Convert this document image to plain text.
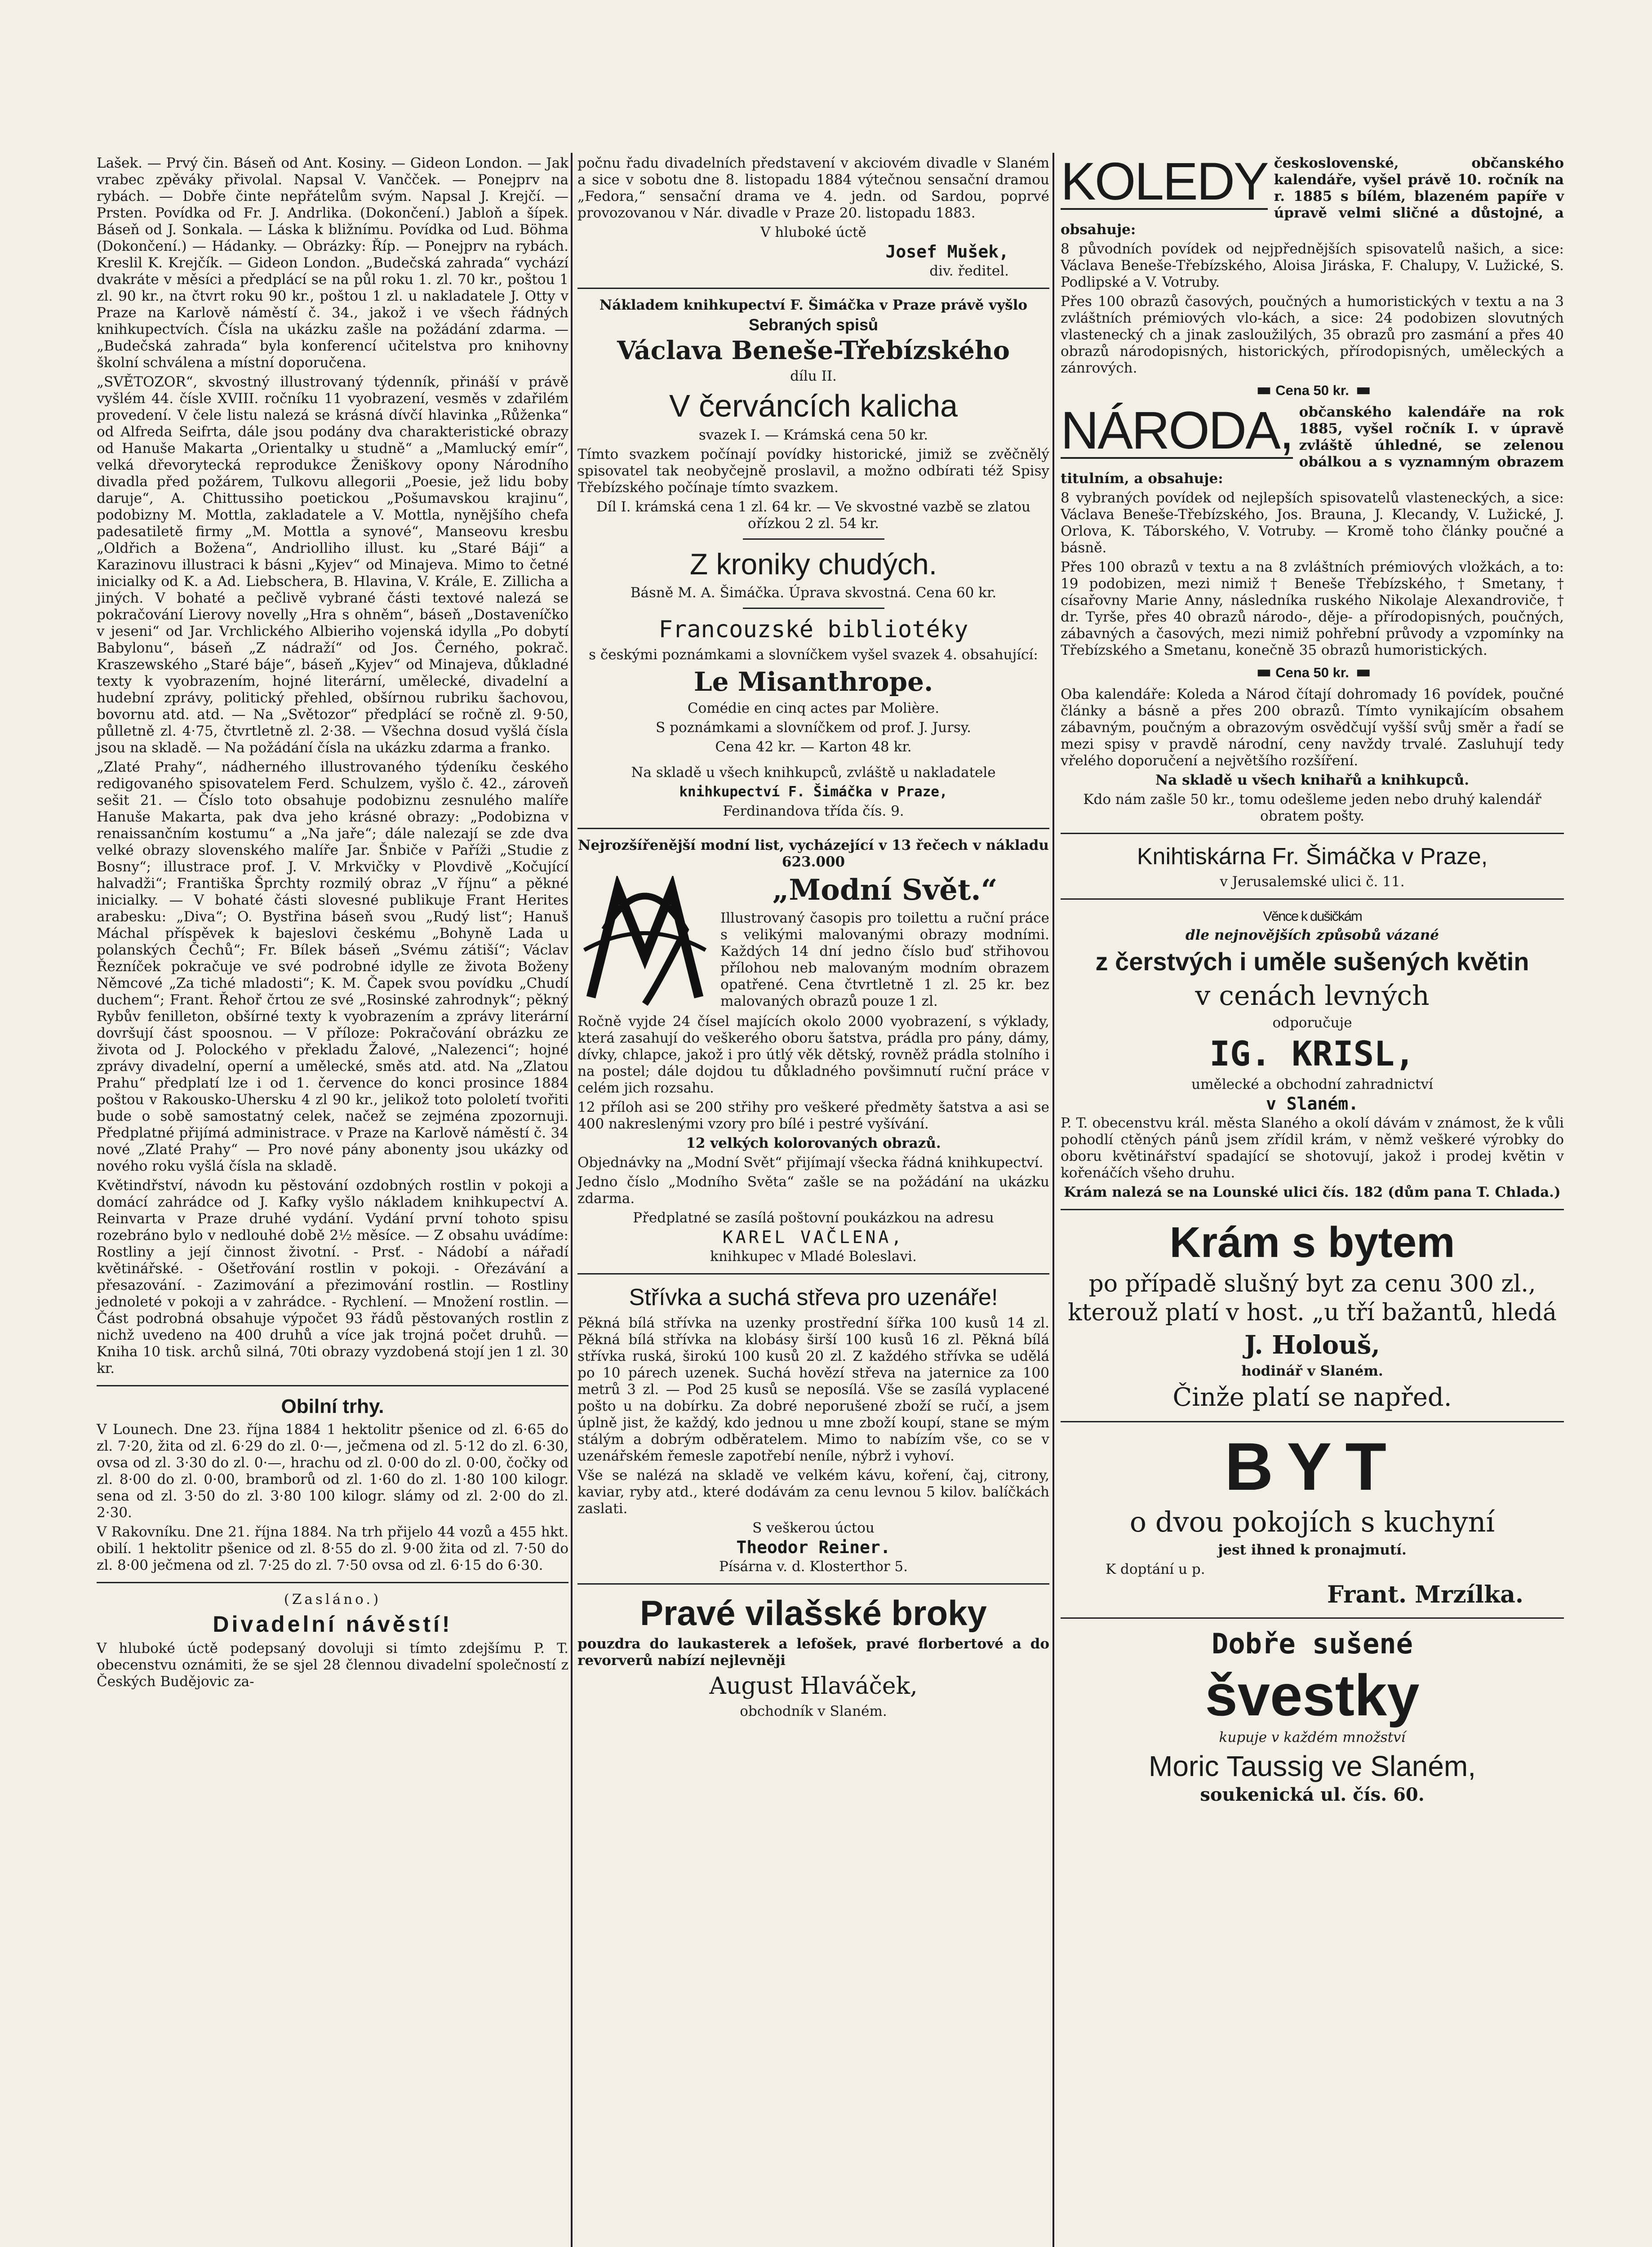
Lašek. — Prvý čin. Báseň od Ant. Kosiny. — Gideon London. — Jak vrabec zpěváky přivolal. Napsal V. Vančček. — Ponejprv na rybách. — Dobře činte nepřátelům svým. Napsal J. Krejčí. — Prsten. Povídka od Fr. J. Andrlika. (Dokončení.) Jabloň a šípek. Báseň od J. Sonkala. — Láska k bližnímu. Povídka od Lud. Böhma (Dokončení.) — Hádanky. — Obrázky: Říp. — Ponejprv na rybách. Kreslil K. Krejčík. — Gideon London. „Budečská zahrada“ vychází dvakráte v měsíci a předplácí se na půl roku 1. zl. 70 kr., poštou 1 zl. 90 kr., na čtvrt roku 90 kr., poštou 1 zl. u nakladatele J. Otty v Praze na Karlově náměstí č. 34., jakož i ve všech řádných knihkupectvích. Čísla na ukázku zašle na požádání zdarma. — „Budečská zahrada“ byla konferencí učitelstva pro knihovny školní schválena a místní doporučena.

„SVĚTOZOR“, skvostný illustrovaný týdenník, přináší v právě vyšlém 44. čísle XVIII. ročníku 11 vyobrazení, vesměs v zdařilém provedení. V čele listu nalezá se krásná dívčí hlavinka „Růženka“ od Alfreda Seifrta, dále jsou podány dva charakteristické obrazy od Hanuše Makarta „Orientalky u studně“ a „Mamlucký emír“, velká dřevorytecká reprodukce Ženiškovy opony Národního divadla před požárem, Tulkovu allegorii „Poesie, jež lidu boby daruje“, A. Chittussiho poetickou „Pošumavskou krajinu“, podobizny M. Mottla, zakladatele a V. Mottla, nynějšího chefa padesatiletě firmy „M. Mottla a synové“, Manseovu kresbu „Oldřich a Božena“, Andriolliho illust. ku „Staré Báji“ a Karazinovu illustraci k básni „Kyjev“ od Minajeva. Mimo to četné inicialky od K. a Ad. Liebschera, B. Hlavina, V. Krále, E. Zillicha a jiných. V bohaté a pečlivě vybrané části textové nalezá se pokračování Lierovy novelly „Hra s ohněm“, báseň „Dostaveníčko v jeseni“ od Jar. Vrchlického Albieriho vojenská idylla „Po dobytí Babylonu“, báseň „Z nádraží“ od Jos. Černého, pokrač. Kraszewského „Staré báje“, báseň „Kyjev“ od Minajeva, důkladné texty k vyobrazením, hojné literární, umělecké, divadelní a hudební zprávy, politický přehled, obšírnou rubriku šachovou, bovornu atd. atd. — Na „Světozor“ předplácí se ročně zl. 9·50, půlletně zl. 4·75, čtvrtletně zl. 2·38. — Všechna dosud vyšlá čísla jsou na skladě. — Na požádání čísla na ukázku zdarma a franko.

„Zlaté Prahy“, nádherného illustrovaného týdeníku českého redigovaného spisovatelem Ferd. Schulzem, vyšlo č. 42., zároveň sešit 21. — Číslo toto obsahuje podobiznu zesnulého malíře Hanuše Makarta, pak dva jeho krásné obrazy: „Podobizna v renaissančním kostumu“ a „Na jaře“; dále nalezají se zde dva velké obrazy slovenského malíře Jar. Šnbiče v Paříži „Studie z Bosny“; illustrace prof. J. V. Mrkvičky v Plovdivě „Kočující halvadži“; Františka Šprchty rozmilý obraz „V říjnu“ a pěkné inicialky. — V bohaté části slovesné publikuje Frant Herites arabesku: „Diva“; O. Bystřina báseň svou „Rudý list“; Hanuš Máchal příspěvek k bajeslovi českému „Bohyně Lada u polanských Čechů“; Fr. Bílek báseň „Svému zátiší“; Václav Řezníček pokračuje ve své podrobné idylle ze života Boženy Němcové „Za tiché mladosti“; K. M. Čapek svou povídku „Chudí duchem“; Frant. Řehoř črtou ze své „Rosinské zahrodnyk“; pěkný Rybův fenilleton, obšírné texty k vyobrazením a zprávy literární dovršují část spoosnou. — V příloze: Pokračování obrázku ze života od J. Polockého v překladu Žalové, „Nalezenci“; hojné zprávy divadelní, operní a umělecké, směs atd. atd. Na „Zlatou Prahu“ předplatí lze i od 1. července do konci prosince 1884 poštou v Rakousko-Uhersku 4 zl 90 kr., jelikož toto pololetí tvořiti bude o sobě samostatný celek, načež se zejména zpozornuji. Předplatné přijímá administrace. v Praze na Karlově náměstí č. 34 nové „Zlaté Prahy“ — Pro nové pány abonenty jsou ukázky od nového roku vyšlá čísla na skladě.

Květindřství, návodn ku pěstování ozdobných rostlin v pokoji a domácí zahrádce od J. Kafky vyšlo nákladem knihkupectví A. Reinvarta v Praze druhé vydání. Vydání první tohoto spisu rozebráno bylo v nedlouhé době 2½ měsíce. — Z obsahu uvádíme: Rostliny a její činnost životní. - Prsť. - Nádobí a nářadí květinářské. - Ošetřování rostlin v pokoji. - Ořezávání a přesazování. - Zazimování a přezimování rostlin. — Rostliny jednoleté v pokoji a v zahrádce. - Rychlení. — Množení rostlin. — Část podrobná obsahuje výpočet 93 řádů pěstovaných rostlin z nichž uvedeno na 400 druhů a více jak trojná počet druhů. — Kniha 10 tisk. archů silná, 70ti obrazy vyzdobená stojí jen 1 zl. 30 kr.

Obilní trhy.

V Lounech. Dne 23. října 1884 1 hektolitr pšenice od zl. 6·65 do zl. 7·20, žita od zl. 6·29 do zl. 0·—, ječmena od zl. 5·12 do zl. 6·30, ovsa od zl. 3·30 do zl. 0·—, hrachu od zl. 0·00 do zl. 0·00, čočky od zl. 8·00 do zl. 0·00, bramborů od zl. 1·60 do zl. 1·80 100 kilogr. sena od zl. 3·50 do zl. 3·80 100 kilogr. slámy od zl. 2·00 do zl. 2·30.

V Rakovníku. Dne 21. října 1884. Na trh přijelo 44 vozů a 455 hkt. obilí. 1 hektolitr pšenice od zl. 8·55 do zl. 9·00 žita od zl. 7·50 do zl. 8·00 ječmena od zl. 7·25 do zl. 7·50 ovsa od zl. 6·15 do 6·30.

(Zasláno.)

Divadelní návěstí!

V hluboké úctě podepsaný dovoluji si tímto zdejšímu P. T. obecenstvu oznámiti, že se sjel 28 člennou divadelní společností z Českých Budějovic za-

počnu řadu divadelních představení v akciovém divadle v Slaném a sice v sobotu dne 8. listopadu 1884 výtečnou sensační dramou „Fedora,“ sensační drama ve 4. jedn. od Sardou, poprvé provozovanou v Nár. divadle v Praze 20. listopadu 1883.

V hluboké úctě

Josef Mušek,

div. ředitel.

Nákladem knihkupectví F. Šimáčka v Praze právě vyšlo

Sebraných spisů

Václava Beneše-Třebízského

dílu II.

V červáncích kalicha

svazek I. — Krámská cena 50 kr.

Tímto svazkem počínají povídky historické, jimiž se zvěčnělý spisovatel tak neobyčejně proslavil, a možno odbírati též Spisy Třebízského počínaje tímto svazkem.

Díl I. krámská cena 1 zl. 64 kr. — Ve skvostné vazbě se zlatou ořízkou 2 zl. 54 kr.

Z kroniky chudých.

Básně M. A. Šimáčka. Úprava skvostná. Cena 60 kr.

Francouzské bibliotéky

s českými poznámkami a slovníčkem vyšel svazek 4. obsahující:

Le Misanthrope.

Comédie en cinq actes par Molière.

S poznámkami a slovníčkem od prof. J. Jursy.

Cena 42 kr. — Karton 48 kr.

Na skladě u všech knihkupců, zvláště u nakladatele

knihkupectví F. Šimáčka v Praze,

Ferdinandova třída čís. 9.

Nejrozšířenější modní list, vycházející v 13 řečech v nákladu 623.000

„Modní Svět.“

Illustrovaný časopis pro toilettu a ruční práce s velikými malovanými obrazy modními. Každých 14 dní jedno číslo buď střihovou přílohou neb malovaným modním obrazem opatřené. Cena čtvrtletně 1 zl. 25 kr. bez malovaných obrazů pouze 1 zl.

Ročně vyjde 24 čísel majících okolo 2000 vyobrazení, s výklady, která zasahují do veškerého oboru šatstva, prádla pro pány, dámy, dívky, chlapce, jakož i pro útlý věk dětský, rovněž prádla stolního i na postel; dále dojdou tu důkladného povšimnutí ruční práce v celém jich rozsahu.

12 příloh asi se 200 střihy pro veškeré předměty šatstva a asi se 400 nakreslenými vzory pro bílé i pestré vyšívání.

12 velkých kolorovaných obrazů.

Objednávky na „Modní Svět“ přijímají všecka řádná knihkupectví.

Jedno číslo „Modního Světa“ zašle se na požádání na ukázku zdarma.

Předplatné se zasílá poštovní poukázkou na adresu

KAREL VAČLENA,

knihkupec v Mladé Boleslavi.

Střívka a suchá střeva pro uzenáře!

Pěkná bílá střívka na uzenky prostřední šířka 100 kusů 14 zl. Pěkná bílá střívka na klobásy širší 100 kusů 16 zl. Pěkná bílá střívka ruská, širokú 100 kusů 20 zl. Z každého střívka se udělá po 10 párech uzenek. Suchá hovězí střeva na jaternice za 100 metrů 3 zl. — Pod 25 kusů se neposílá. Vše se zasílá vyplacené pošto u na dobírku. Za dobré neporušené zboží se ručí, a jsem úplně jist, že každý, kdo jednou u mne zboží koupí, stane se mým stálým a dobrým odběratelem. Mimo to nabízím vše, co se v uzenářském řemesle zapotřebí neníle, nýbrž i vyhoví.

Vše se nalézá na skladě ve velkém kávu, koření, čaj, citrony, kaviar, ryby atd., které dodávám za cenu levnou 5 kilov. balíčkách zaslati.

S veškerou úctou

Theodor Reiner.

Písárna v. d. Klosterthor 5.

Pravé vilašské broky

pouzdra do laukasterek a lefošek, pravé florbertové a do revorverů nabízí nejlevněji

August Hlaváček,

obchodník v Slaném.

KOLEDY československé, občanského kalendáře, vyšel právě 10. ročník na r. 1885 s bílém, blazeném papíře v úpravě velmi sličné a důstojné, a obsahuje:

8 původních povídek od nejpřednějších spisovatelů našich, a sice: Václava Beneše-Třebízského, Aloisa Jiráska, F. Chalupy, V. Lužické, S. Podlipské a V. Votruby.

Přes 100 obrazů časových, poučných a humoristických v textu a na 3 zvláštních prémiových vlo-kách, a sice: 24 podobizen slovutných vlastenecký ch a jinak zasloužilých, 35 obrazů pro zasmání a přes 40 obrazů národopisných, historických, přírodopisných, uměleckých a zánrových.

■■ Cena 50 kr. ■■

NÁRODA, občanského kalendáře na rok 1885, vyšel ročník I. v úpravě zvláště úhledné, se zelenou obálkou a s vyznamným obrazem titulním, a obsahuje:

8 vybraných povídek od nejlepších spisovatelů vlasteneckých, a sice: Václava Beneše-Třebízského, Jos. Brauna, J. Klecandy, V. Lužické, J. Orlova, K. Táborského, V. Votruby. — Kromě toho články poučné a básně.

Přes 100 obrazů v textu a na 8 zvláštních prémiových vložkách, a to: 19 podobizen, mezi nimiž † Beneše Třebízského, † Smetany, † císařovny Marie Anny, následníka ruského Nikolaje Alexandroviče, † dr. Tyrše, přes 40 obrazů národo-, děje- a přírodopisných, poučných, zábavných a časových, mezi nimiž pohřební průvody a vzpomínky na Třebízského a Smetanu, konečně 35 obrazů humoristických.

■■ Cena 50 kr. ■■

Oba kalendáře: Koleda a Národ čítají dohromady 16 povídek, poučné články a básně a přes 200 obrazů. Tímto vynikajícím obsahem zábavným, poučným a obrazovým osvědčují vyšší svůj směr a řadí se mezi spisy v pravdě národní, ceny navždy trvalé. Zasluhují tedy vřelého doporučení a největšího rozšíření.

Na skladě u všech knihařů a knihkupců.

Kdo nám zašle 50 kr., tomu odešleme jeden nebo druhý kalendář obratem pošty.

Knihtiskárna Fr. Šimáčka v Praze,

v Jerusalemské ulici č. 11.

Věnce k dušičkám

dle nejnovějších způsobů vázané

z čerstvých i uměle sušených květin

v cenách levných

odporučuje

IG. KRISL,

umělecké a obchodní zahradnictví

v Slaném.

P. T. obecenstvu král. města Slaného a okolí dávám v známost, že k vůli pohodlí ctěných pánů jsem zřídil krám, v němž veškeré výrobky do oboru květinářství spadající se shotovují, jakož i prodej květin v kořenáčích všeho druhu.

Krám nalezá se na Lounské ulici čís. 182 (dům pana T. Chlada.)

Krám s bytem

po případě slušný byt za cenu 300 zl., kterouž platí v host. „u tří bažantů, hledá

J. Holouš,

hodinář v Slaném.

Činže platí se napřed.

BYT

o dvou pokojích s kuchyní

jest ihned k pronajmutí.

K doptání u p.

Frant. Mrzílka.

Dobře sušené

švestky

kupuje v každém množství

Moric Taussig ve Slaném,

soukenická ul. čís. 60.
